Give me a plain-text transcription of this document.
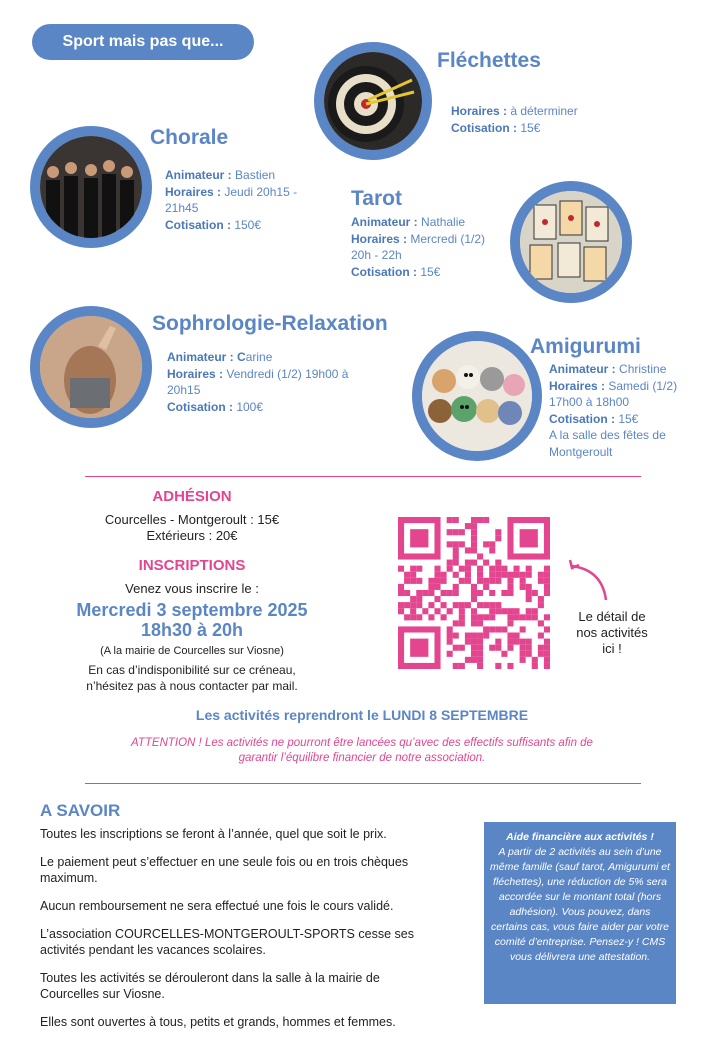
Sport mais pas que...
Fléchettes
Horaires : à déterminer
Cotisation : 15€
Chorale
Animateur : Bastien
Horaires : Jeudi 20h15 -
21h45
Cotisation : 150€
Tarot
Animateur : Nathalie
Horaires : Mercredi (1/2)
20h - 22h
Cotisation : 15€
Sophrologie-Relaxation
Animateur : Carine
Horaires : Vendredi (1/2) 19h00 à
20h15
Cotisation : 100€
Amigurumi
Animateur : Christine
Horaires : Samedi (1/2)
17h00 à 18h00
Cotisation : 15€
A la salle des fêtes de
Montgeroult
ADHÉSION
Courcelles - Montgeroult : 15€
Extérieurs : 20€
INSCRIPTIONS
Venez vous inscrire le :
Mercredi 3 septembre 2025
18h30 à 20h
(A la mairie de Courcelles sur Viosne)
En cas d’indisponibilité sur ce créneau,
n’hésitez pas à nous contacter par mail.
Le détail de
nos activités
ici !
Les activités reprendront le LUNDI 8 SEPTEMBRE
ATTENTION ! Les activités ne pourront être lancées qu’avec des effectifs suffisants afin de
garantir l’équilibre financier de notre association.
A SAVOIR

Toutes les inscriptions se feront à l’année, quel que soit le prix.

Le paiement peut s’effectuer en une seule fois ou en trois chèques maximum.

Aucun remboursement ne sera effectué une fois le cours validé.

L’association COURCELLES-MONTGEROULT-SPORTS cesse ses activités pendant les vacances scolaires.

Toutes les activités se dérouleront dans la salle à la mairie de Courcelles sur Viosne.

Elles sont ouvertes à tous, petits et grands, hommes et femmes.

Aide financière aux activités !
A partir de 2 activités au sein d’une même famille (sauf tarot, Amigurumi et fléchettes), une réduction de 5% sera accordée sur le montant total (hors adhésion). Vous pouvez, dans certains cas, vous faire aider par votre comité d’entreprise. Pensez-y ! CMS vous délivrera une attestation.
